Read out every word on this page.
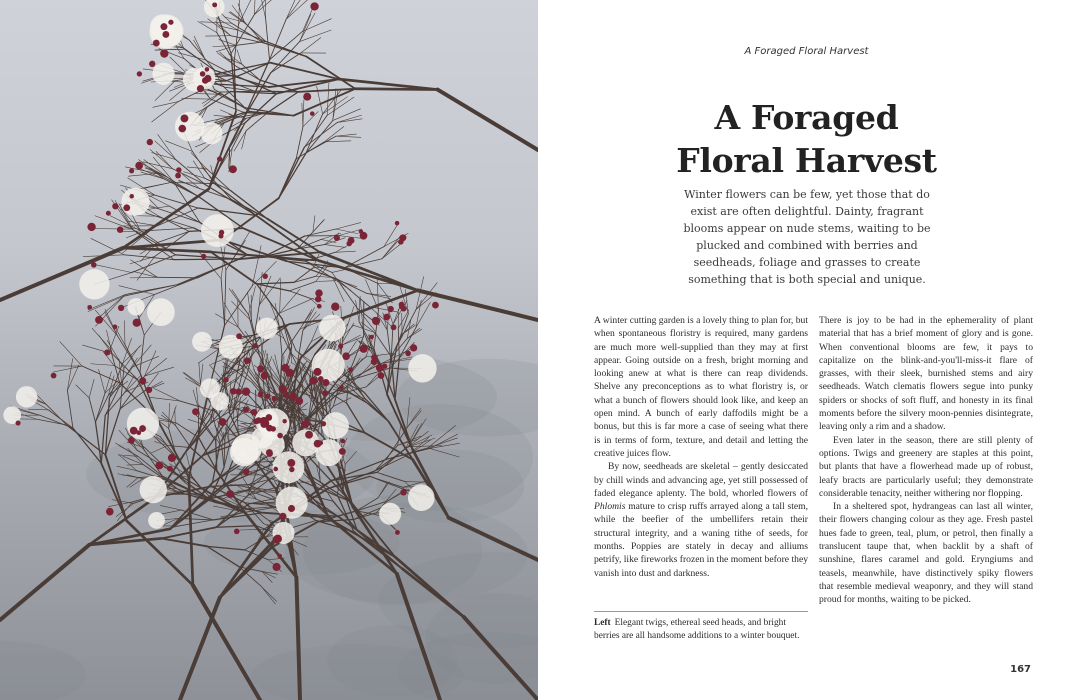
A Foraged Floral Harvest
A Foraged
Floral Harvest

Winter flowers can be few, yet those that do exist are often delightful. Dainty, fragrant blooms appear on nude stems, waiting to be plucked and combined with berries and seedheads, foliage and grasses to create something that is both special and unique.

A winter cutting garden is a lovely thing to plan for, but when spontaneous floristry is required, many gardens are much more well-supplied than they may at first appear. Going outside on a fresh, bright morning and looking anew at what is there can reap dividends. Shelve any preconceptions as to what floristry is, or what a bunch of flowers should look like, and keep an open mind. A bunch of early daffodils might be a bonus, but this is far more a case of seeing what there is in terms of form, texture, and detail and letting the creative juices flow.

By now, seedheads are skeletal – gently desiccated by chill winds and advancing age, yet still possessed of faded elegance aplenty. The bold, whorled flowers of Phlomis mature to crisp ruffs arrayed along a tall stem, while the beefier of the umbellifers retain their structural integrity, and a waning tithe of seeds, for months. Poppies are stately in decay and alliums petrify, like fireworks frozen in the moment before they vanish into dust and darkness.

There is joy to be had in the ephemerality of plant material that has a brief moment of glory and is gone. When conventional blooms are few, it pays to capitalize on the blink-and-you'll-miss-it flare of grasses, with their sleek, burnished stems and airy seedheads. Watch clematis flowers segue into punky spiders or shocks of soft fluff, and honesty in its final moments before the silvery moon-pennies disintegrate, leaving only a rim and a shadow.

Even later in the season, there are still plenty of options. Twigs and greenery are staples at this point, but plants that have a flowerhead made up of robust, leafy bracts are particularly useful; they demonstrate considerable tenacity, neither withering nor flopping.

In a sheltered spot, hydrangeas can last all winter, their flowers changing colour as they age. Fresh pastel hues fade to green, teal, plum, or petrol, then finally a translucent taupe that, when backlit by a shaft of sunshine, flares caramel and gold. Eryngiums and teasels, meanwhile, have distinctively spiky flowers that resemble medieval weaponry, and they will stand proud for months, waiting to be picked.

Left Elegant twigs, ethereal seed heads, and bright berries are all handsome additions to a winter bouquet.

167
